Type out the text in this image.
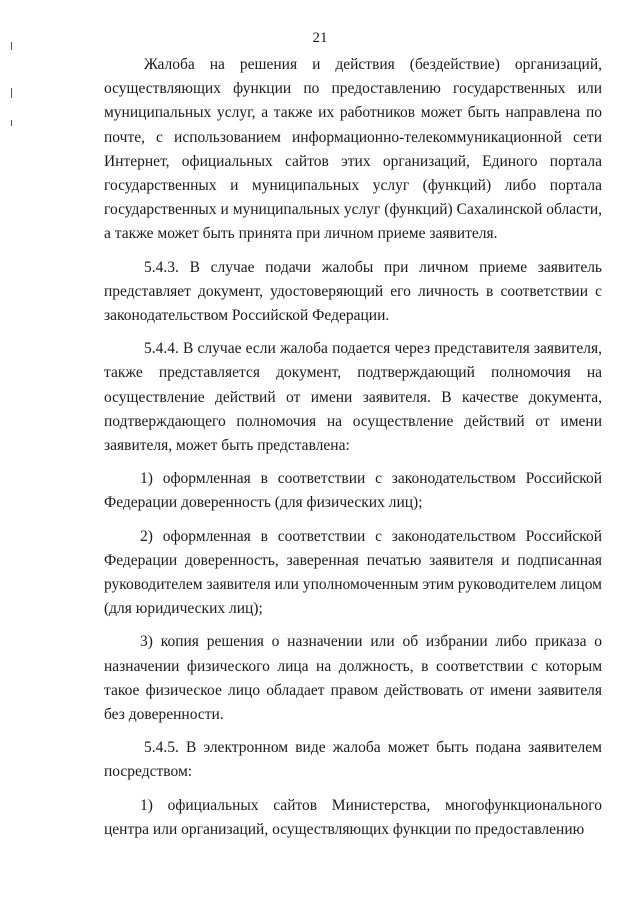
21

Жалоба на решения и действия (бездействие) организаций, осуществляющих функции по предоставлению государственных или муниципальных услуг, а также их работников может быть направлена по почте, с использованием информационно-телекоммуникационной сети Интернет, официальных сайтов этих организаций, Единого портала государственных и муниципальных услуг (функций) либо портала государственных и муниципальных услуг (функций) Сахалинской области, а также может быть принята при личном приеме заявителя.

5.4.3. В случае подачи жалобы при личном приеме заявитель представляет документ, удостоверяющий его личность в соответствии с законодательством Российской Федерации.

5.4.4. В случае если жалоба подается через представителя заявителя, также представляется документ, подтверждающий полномочия на осуществление действий от имени заявителя. В качестве документа, подтверждающего полномочия на осуществление действий от имени заявителя, может быть представлена:

1) оформленная в соответствии с законодательством Российской Федерации доверенность (для физических лиц);

2) оформленная в соответствии с законодательством Российской Федерации доверенность, заверенная печатью заявителя и подписанная руководителем заявителя или уполномоченным этим руководителем лицом (для юридических лиц);

3) копия решения о назначении или об избрании либо приказа о назначении физического лица на должность, в соответствии с которым такое физическое лицо обладает правом действовать от имени заявителя без доверенности.

5.4.5. В электронном виде жалоба может быть подана заявителем посредством:

1) официальных сайтов Министерства, многофункционального центра или организаций, осуществляющих функции по предоставлению
